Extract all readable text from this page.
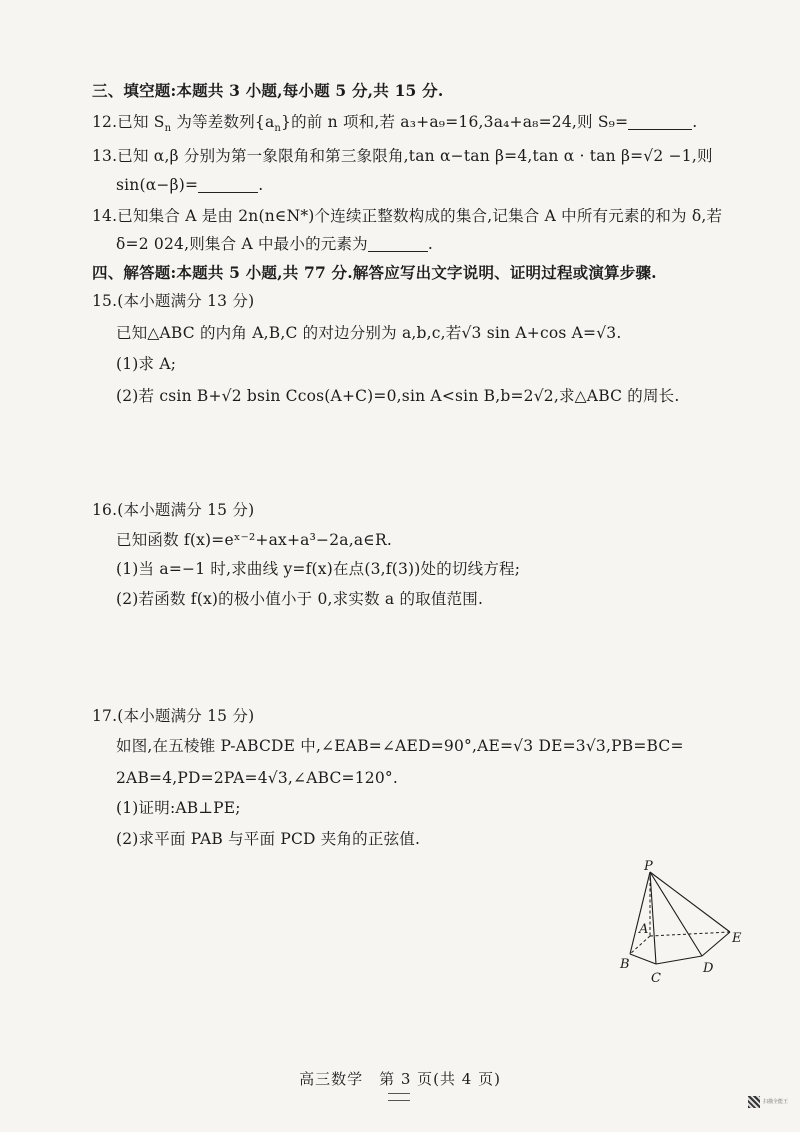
三、填空题:本题共 3 小题,每小题 5 分,共 15 分.
12.已知 $S_n$ 为等差数列$\{a_n\}$的前 n 项和,若 a₃+a₉=16,3a₄+a₈=24,则 S₉=	.
13.已知 α,β 分别为第一象限角和第三象限角,tan α−tan β=4,tan α · tan β=√2 −1,则
sin(α−β)=	.
14.已知集合 A 是由 2n(n∈N*)个连续正整数构成的集合,记集合 A 中所有元素的和为 δ,若
δ=2 024,则集合 A 中最小的元素为	.
四、解答题:本题共 5 小题,共 77 分.解答应写出文字说明、证明过程或演算步骤.
15.(本小题满分 13 分)
已知△ABC 的内角 A,B,C 的对边分别为 a,b,c,若√3 sin A+cos A=√3.
(1)求 A;
(2)若 csin B+√2 bsin Ccos(A+C)=0,sin A<sin B,b=2√2,求△ABC 的周长.
16.(本小题满分 15 分)
已知函数 f(x)=eˣ⁻²+ax+a³−2a,a∈R.
(1)当 a=−1 时,求曲线 y=f(x)在点(3,f(3))处的切线方程;
(2)若函数 f(x)的极小值小于 0,求实数 a 的取值范围.
17.(本小题满分 15 分)
如图,在五棱锥 P-ABCDE 中,∠EAB=∠AED=90°,AE=√3 DE=3√3,PB=BC=
2AB=4,PD=2PA=4√3,∠ABC=120°.
(1)证明:AB⊥PE;
(2)求平面 PAB 与平面 PCD 夹角的正弦值.
P
A
B
C
D
E
高三数学　第 3 页(共 4 页)
扫描全能王
